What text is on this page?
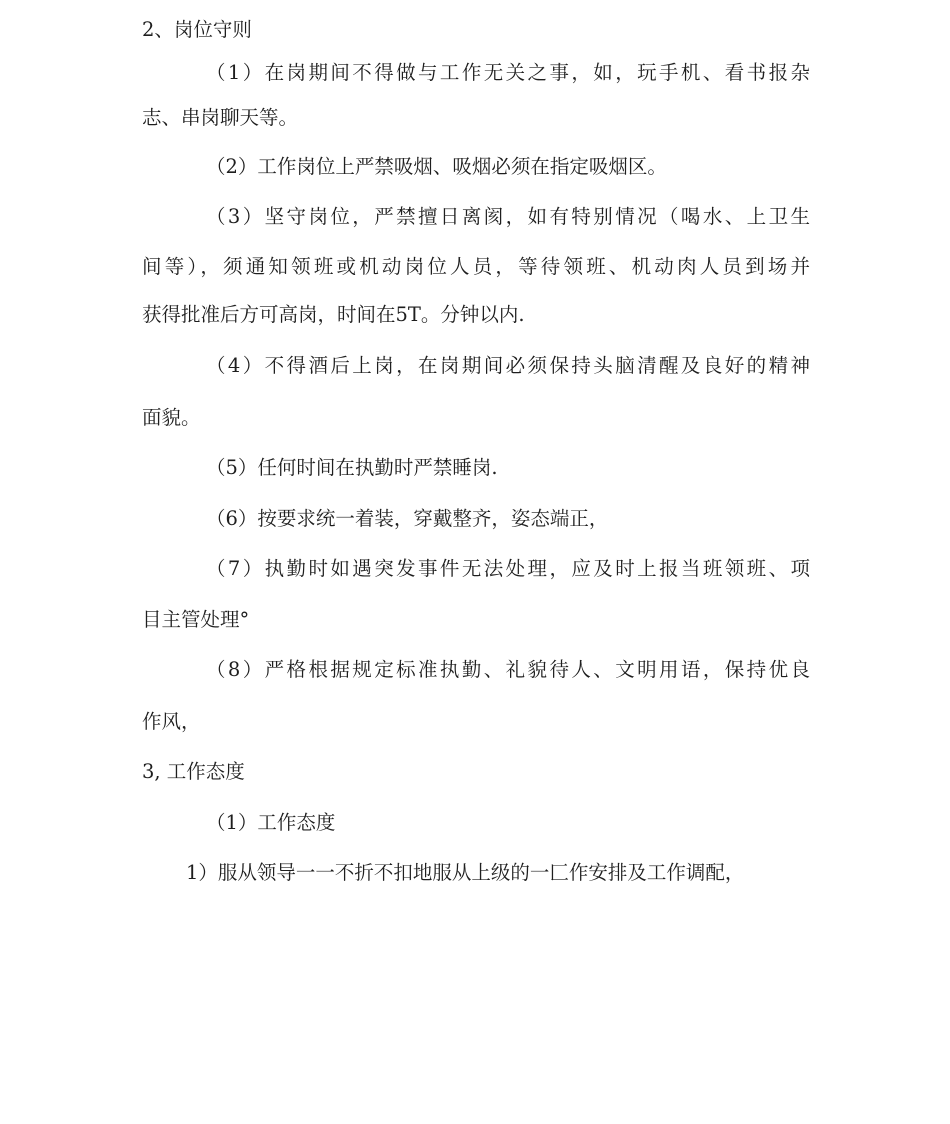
2、岗位守则
（1）在岗期间不得做与工作无关之事，如，玩手机、看书报杂
志、串岗聊天等。
（2）工作岗位上严禁吸烟、吸烟必须在指定吸烟区。
（3）坚守岗位，严禁擅日离阂，如有特别情况（喝水、上卫生
间等），须通知领班或机动岗位人员，等待领班、机动肉人员到场并
获得批准后方可高岗，时间在5T。分钟以内.
（4）不得酒后上岗，在岗期间必须保持头脑清醒及良好的精神
面貌。
（5）任何时间在执勤时严禁睡岗.
（6）按要求统一着装，穿戴整齐，姿态端正，
（7）执勤时如遇突发事件无法处理，应及时上报当班领班、项
目主管处理°
（8）严格根据规定标准执勤、礼貌待人、文明用语，保持优良
作风，
3, 工作态度
（1）工作态度
1）服从领导一一不折不扣地服从上级的一匚作安排及工作调配，
